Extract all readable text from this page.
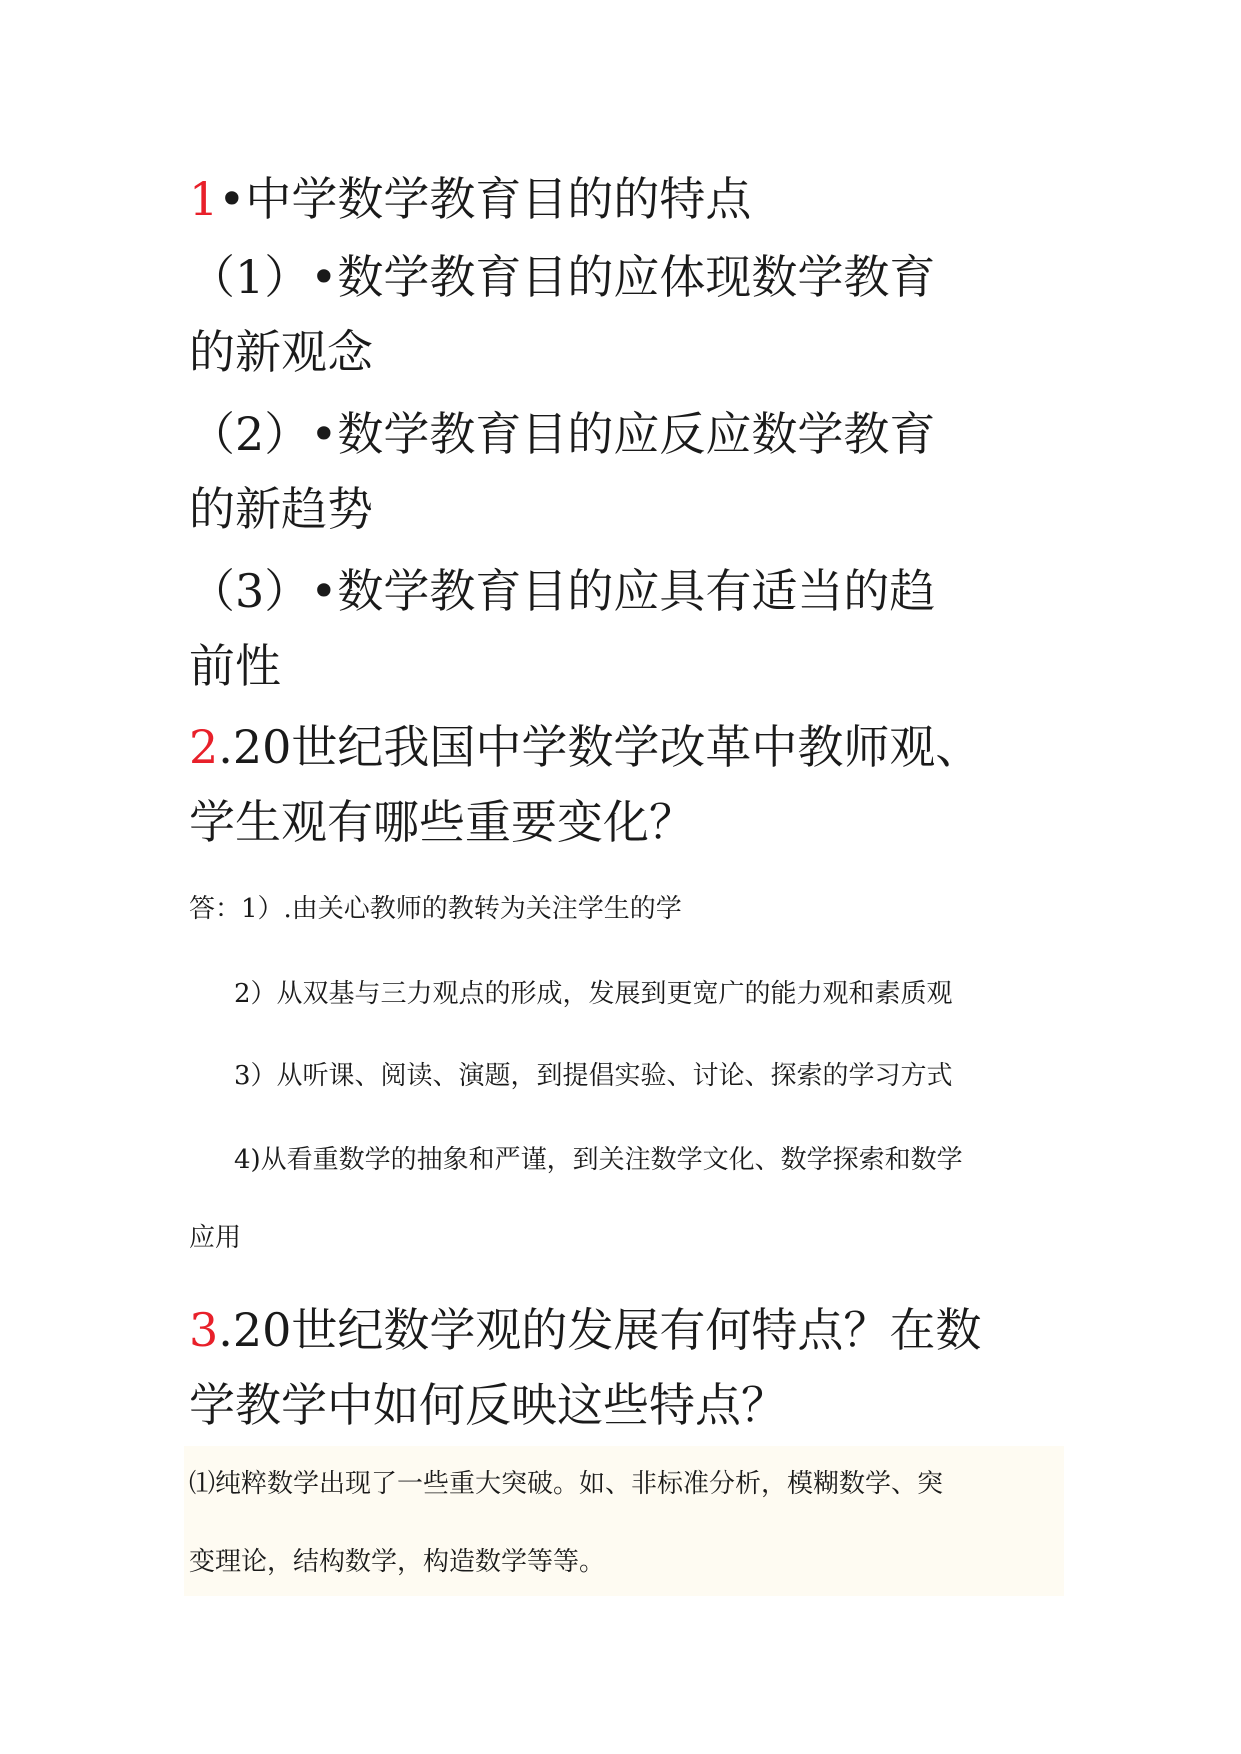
1•中学数学教育目的的特点

（1）•数学教育目的应体现数学教育

的新观念

（2）•数学教育目的应反应数学教育

的新趋势

（3）•数学教育目的应具有适当的趋

前性

2.20世纪我国中学数学改革中教师观、

学生观有哪些重要变化？

答：1）.由关心教师的教转为关注学生的学

2）从双基与三力观点的形成，发展到更宽广的能力观和素质观

3）从听课、阅读、演题，到提倡实验、讨论、探索的学习方式

4)从看重数学的抽象和严谨，到关注数学文化、数学探索和数学

应用

3.20世纪数学观的发展有何特点？在数

学教学中如何反映这些特点？

⑴纯粹数学出现了一些重大突破。如、非标准分析，模糊数学、突

变理论，结构数学，构造数学等等。
